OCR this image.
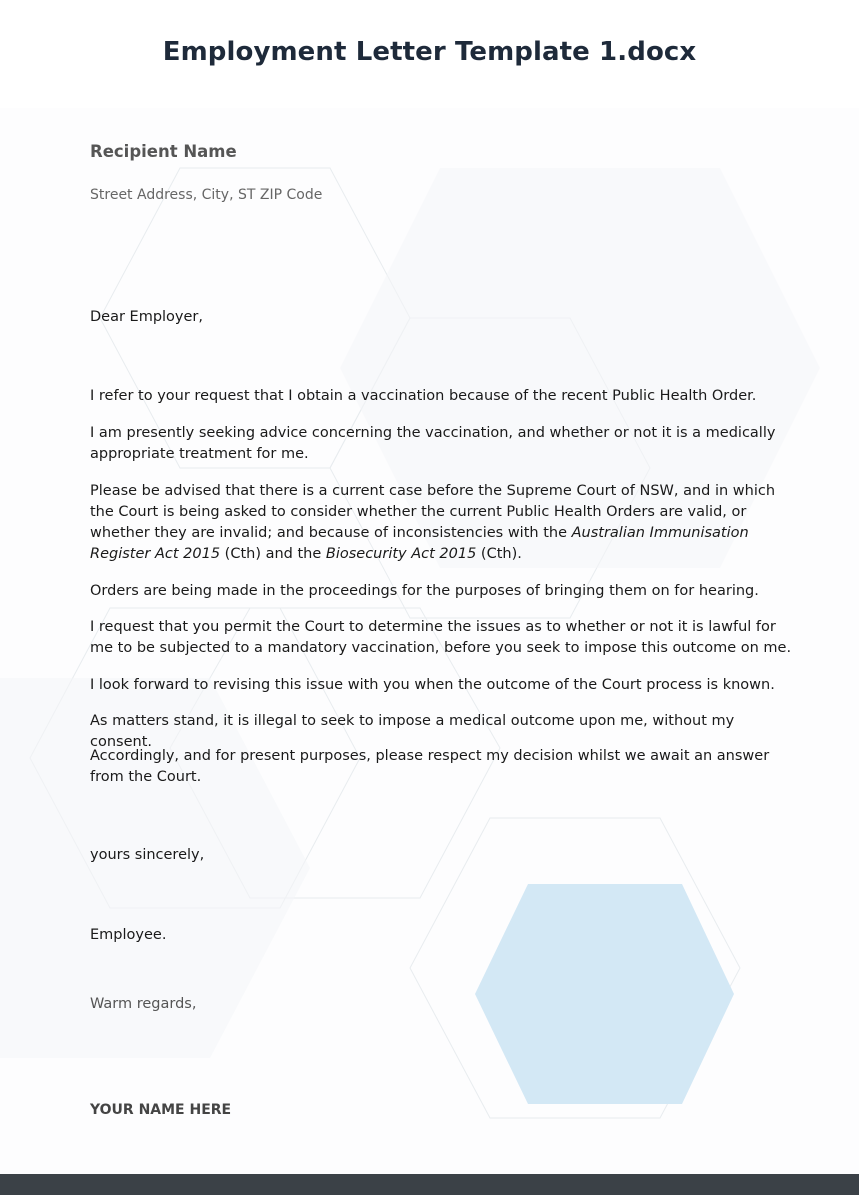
Employment Letter Template 1.docx
Recipient Name
Street Address, City, ST ZIP Code
Dear Employer,

I refer to your request that I obtain a vaccination because of the recent Public Health Order.

I am presently seeking advice concerning the vaccination, and whether or not it is a medically appropriate treatment for me.

Please be advised that there is a current case before the Supreme Court of NSW, and in which the Court is being asked to consider whether the current Public Health Orders are valid, or whether they are invalid; and because of inconsistencies with the Australian Immunisation Register Act 2015 (Cth) and the Biosecurity Act 2015 (Cth).

Orders are being made in the proceedings for the purposes of bringing them on for hearing.

I request that you permit the Court to determine the issues as to whether or not it is lawful for me to be subjected to a mandatory vaccination, before you seek to impose this outcome on me.

I look forward to revising this issue with you when the outcome of the Court process is known.

As matters stand, it is illegal to seek to impose a medical outcome upon me, without my consent.

Accordingly, and for present purposes, please respect my decision whilst we await an answer from the Court.

yours sincerely,
Employee.
Warm regards,
YOUR NAME HERE
